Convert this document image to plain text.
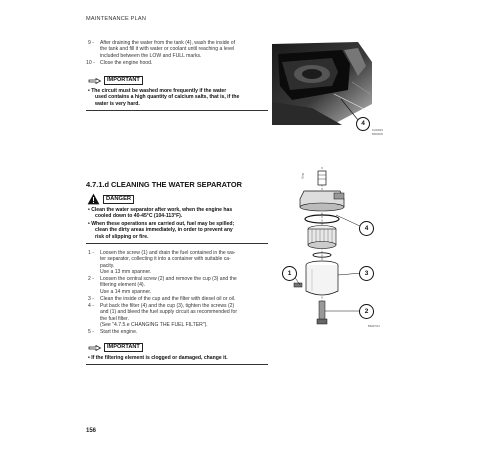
MAINTENANCE PLAN
9 - After draining the water from the tank (4), wash the inside of
the tank and fill it with water or coolant until reaching a level
included between the LOW and FULL marks.
10 - Close the engine hood.
IMPORTANT
• The circuit must be washed more frequently if the water
used contains a high quantity of calcium salts, that is, if the
water is very hard.
4
PH10049
BFD0025
4.7.1.d CLEANING THE WATER SEPARATOR
DANGER
• Clean the water separator after work, when the engine has
cooled down to 40-45°C (104-113°F).
• When these operations are carried out, fuel may be spilled;
clean the dirty areas immediately, in order to prevent any
risk of slipping or fire.
1 - Loosen the screw (1) and drain the fuel contained in the wa-
ter separator, collecting it into a container with suitable ca-
pacity.
Use a 13 mm spanner.
2 - Loosen the central screw (2) and remove the cup (3) and the
filtering element (4).
Use a 14 mm spanner.
3 - Clean the inside of the cup and the filter with diesel oil or oil.
4 - Put back the filter (4) and the cup (3), tighten the screws (2)
and (1) and bleed the fuel supply circuit as recommended for
the fuel filter.
(See "4.7.5.e CHANGING THE FUEL FILTER").
5 - Start the engine.
IMPORTANT
• If the filtering element is clogged or damaged, change it.
4
1	3
2
BIM47014
Eng
156
